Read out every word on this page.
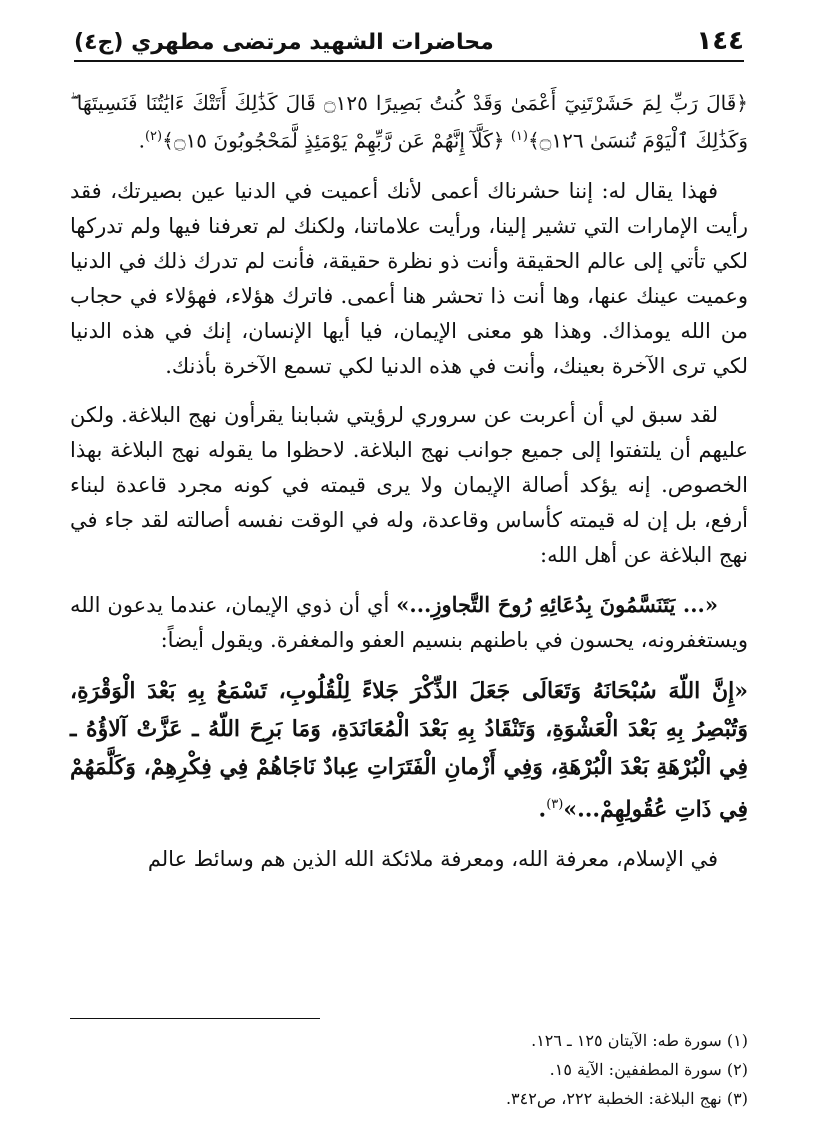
١٤٤
محاضرات الشهيد مرتضى مطهري (ج٤)

﴿قَالَ رَبِّ لِمَ حَشَرْتَنِيٓ أَعْمَىٰ وَقَدْ كُنتُ بَصِيرًا ۝١٢٥ قَالَ كَذَٰلِكَ أَتَتْكَ ءَايَٰتُنَا فَنَسِيتَهَا ۖ وَكَذَٰلِكَ ٱلْيَوْمَ تُنسَىٰ ۝١٢٦﴾$^{(١)}$ ﴿كَلَّآ إِنَّهُمْ عَن رَّبِّهِمْ يَوْمَئِذٍ لَّمَحْجُوبُونَ ۝١٥﴾$^{(٢)}$.

فهذا يقال له: إننا حشرناك أعمى لأنك أعميت في الدنيا عين بصيرتك، فقد رأيت الإمارات التي تشير إلينا، ورأيت علاماتنا، ولكنك لم تعرفنا فيها ولم تدركها لكي تأتي إلى عالم الحقيقة وأنت ذو نظرة حقيقة، فأنت لم تدرك ذلك في الدنيا وعميت عينك عنها، وها أنت ذا تحشر هنا أعمى. فاترك هؤلاء، فهؤلاء في حجاب من الله يومذاك. وهذا هو معنى الإيمان، فيا أيها الإنسان، إنك في هذه الدنيا لكي ترى الآخرة بعينك، وأنت في هذه الدنيا لكي تسمع الآخرة بأذنك.

لقد سبق لي أن أعربت عن سروري لرؤيتي شبابنا يقرأون نهج البلاغة. ولكن عليهم أن يلتفتوا إلى جميع جوانب نهج البلاغة. لاحظوا ما يقوله نهج البلاغة بهذا الخصوص. إنه يؤكد أصالة الإيمان ولا يرى قيمته في كونه مجرد قاعدة لبناء أرفع، بل إن له قيمته كأساس وقاعدة، وله في الوقت نفسه أصالته لقد جاء في نهج البلاغة عن أهل الله:

«... يَتَنَسَّمُونَ بِدُعَائِهِ رُوحَ التَّجاوزِ...» أي أن ذوي الإيمان، عندما يدعون الله ويستغفرونه، يحسون في باطنهم بنسيم العفو والمغفرة. ويقول أيضاً:

«إِنَّ اللّهَ سُبْحَانَهُ وَتَعَالَى جَعَلَ الذِّكْرَ جَلاءً لِلْقُلُوبِ، تَسْمَعُ بِهِ بَعْدَ الْوَقْرَةِ، وَتُبْصِرُ بِهِ بَعْدَ الْعَشْوَةِ، وَتَنْقَادُ بِهِ بَعْدَ الْمُعَانَدَةِ، وَمَا بَرِحَ اللّهُ ـ عَزَّتْ آلاؤُهُ ـ فِي الْبُرْهَةِ بَعْدَ الْبُرْهَةِ، وَفِي أَزْمانِ الْفَتَرَاتِ عِبادٌ نَاجَاهُمْ فِي فِكْرِهِمْ، وَكَلَّمَهُمْ فِي ذَاتِ عُقُولِهِمْ...»$^{(٣)}$.

في الإسلام، معرفة الله، ومعرفة ملائكة الله الذين هم وسائط عالم

(١) سورة طه: الآيتان ١٢٥ ـ ١٢٦.
(٢) سورة المطففين: الآية ١٥.
(٣) نهج البلاغة: الخطبة ٢٢٢، ص٣٤٢.
